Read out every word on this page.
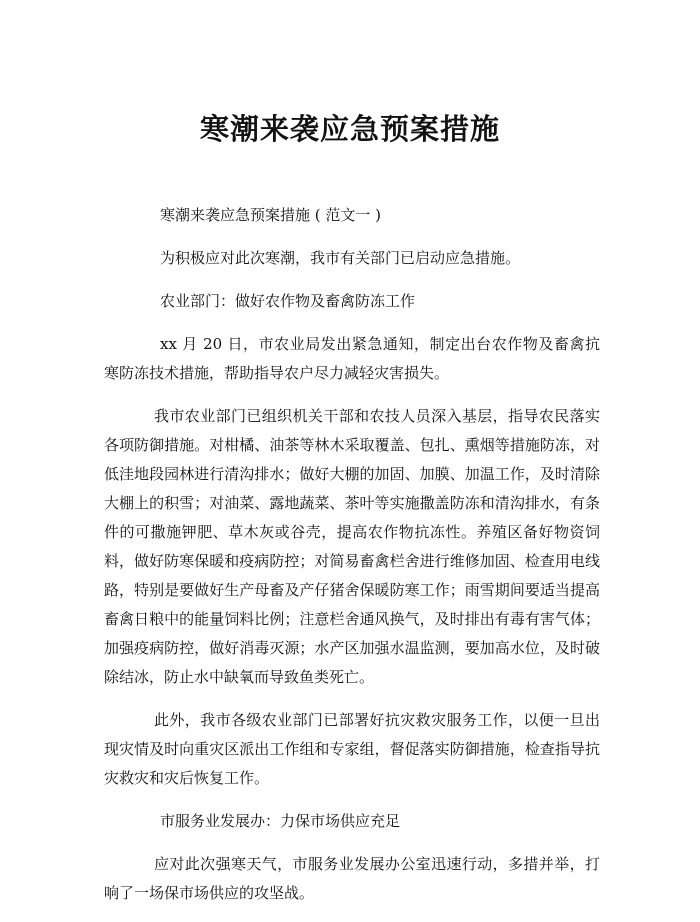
寒潮来袭应急预案措施

寒潮来袭应急预案措施 ( 范文一 )

为积极应对此次寒潮，我市有关部门已启动应急措施。

农业部门：做好农作物及畜禽防冻工作

xx 月 20 日，市农业局发出紧急通知，制定出台农作物及畜禽抗寒防冻技术措施，帮助指导农户尽力减轻灾害损失。

我市农业部门已组织机关干部和农技人员深入基层，指导农民落实各项防御措施。对柑橘、油茶等林木采取覆盖、包扎、熏烟等措施防冻，对低洼地段园林进行清沟排水；做好大棚的加固、加膜、加温工作，及时清除大棚上的积雪；对油菜、露地蔬菜、茶叶等实施撒盖防冻和清沟排水，有条件的可撒施钾肥、草木灰或谷壳，提高农作物抗冻性。养殖区备好物资饲料，做好防寒保暖和疫病防控；对简易畜禽栏舍进行维修加固、检查用电线路，特别是要做好生产母畜及产仔猪舍保暖防寒工作；雨雪期间要适当提高畜禽日粮中的能量饲料比例；注意栏舍通风换气，及时排出有毒有害气体；加强疫病防控，做好消毒灭源；水产区加强水温监测，要加高水位，及时破除结冰，防止水中缺氧而导致鱼类死亡。

此外，我市各级农业部门已部署好抗灾救灾服务工作，以便一旦出现灾情及时向重灾区派出工作组和专家组，督促落实防御措施，检查指导抗灾救灾和灾后恢复工作。

市服务业发展办：力保市场供应充足

应对此次强寒天气，市服务业发展办公室迅速行动，多措并举，打响了一场保市场供应的攻坚战。
